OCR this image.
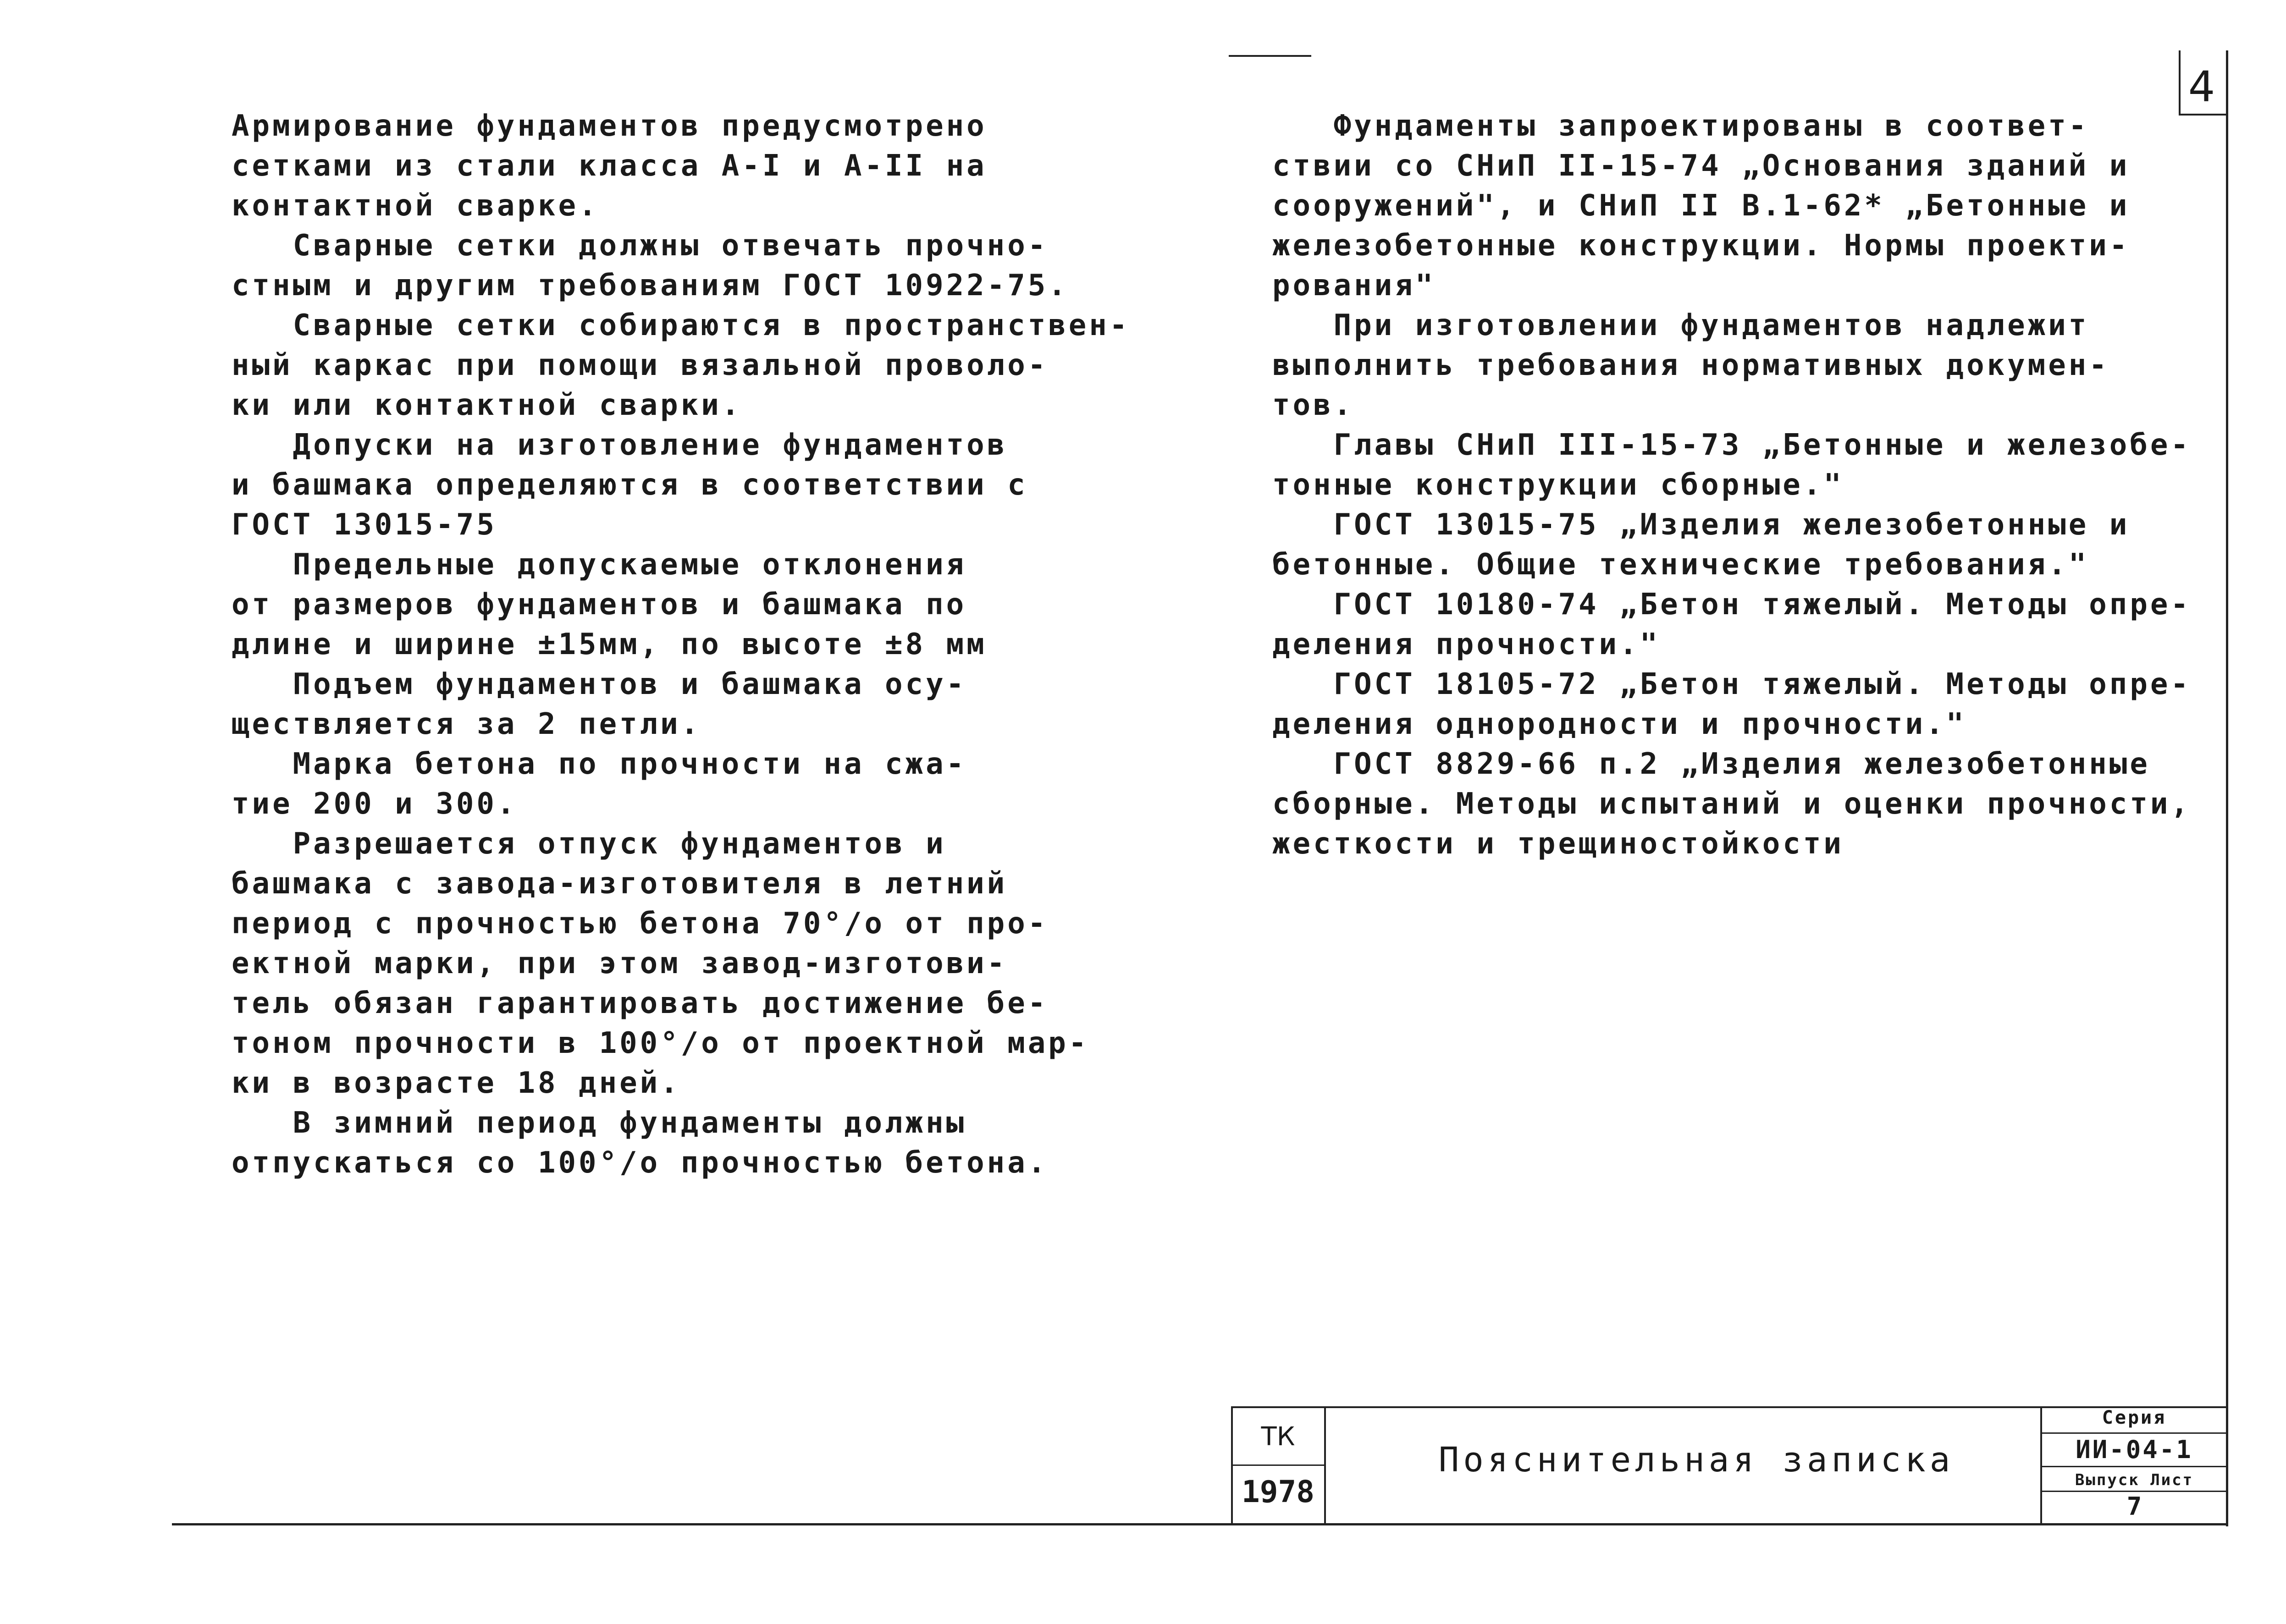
4
Армирование фундаментов предусмотрено
сетками из стали класса А-I и А-II на
контактной сварке.
Сварные сетки должны отвечать прочно-
стным и другим требованиям ГОСТ 10922-75.
Сварные сетки собираются в пространствен-
ный каркас при помощи вязальной проволо-
ки или контактной сварки.
Допуски на изготовление фундаментов
и башмака определяются в соответствии с
ГОСТ 13015-75
Предельные допускаемые отклонения
от размеров фундаментов и башмака по
длине и ширине ±15мм, по высоте ±8 мм
Подъем фундаментов и башмака осу-
ществляется за 2 петли.
Марка бетона по прочности на сжа-
тие 200 и 300.
Разрешается отпуск фундаментов и
башмака с завода-изготовителя в летний
период с прочностью бетона 70°/о от про-
ектной марки, при этом завод-изготови-
тель обязан гарантировать достижение бе-
тоном прочности в 100°/о от проектной мар-
ки в возрасте 18 дней.
В зимний период фундаменты должны
отпускаться со 100°/о прочностью бетона.
Фундаменты запроектированы в соответ-
ствии со СНиП II-15-74 „Основания зданий и
сооружений", и СНиП II В.1-62* „Бетонные и
железобетонные конструкции. Нормы проекти-
рования"
При изготовлении фундаментов надлежит
выполнить требования нормативных докумен-
тов.
Главы СНиП III-15-73 „Бетонные и железобе-
тонные конструкции сборные."
ГОСТ 13015-75 „Изделия железобетонные и
бетонные. Общие технические требования."
ГОСТ 10180-74 „Бетон тяжелый. Методы опре-
деления прочности."
ГОСТ 18105-72 „Бетон тяжелый. Методы опре-
деления однородности и прочности."
ГОСТ 8829-66 п.2 „Изделия железобетонные
сборные. Методы испытаний и оценки прочности,
жесткости и трещиностойкости
ТК
1978
Пояснительная записка
Серия
ИИ-04-1
Выпуск Лист
7
